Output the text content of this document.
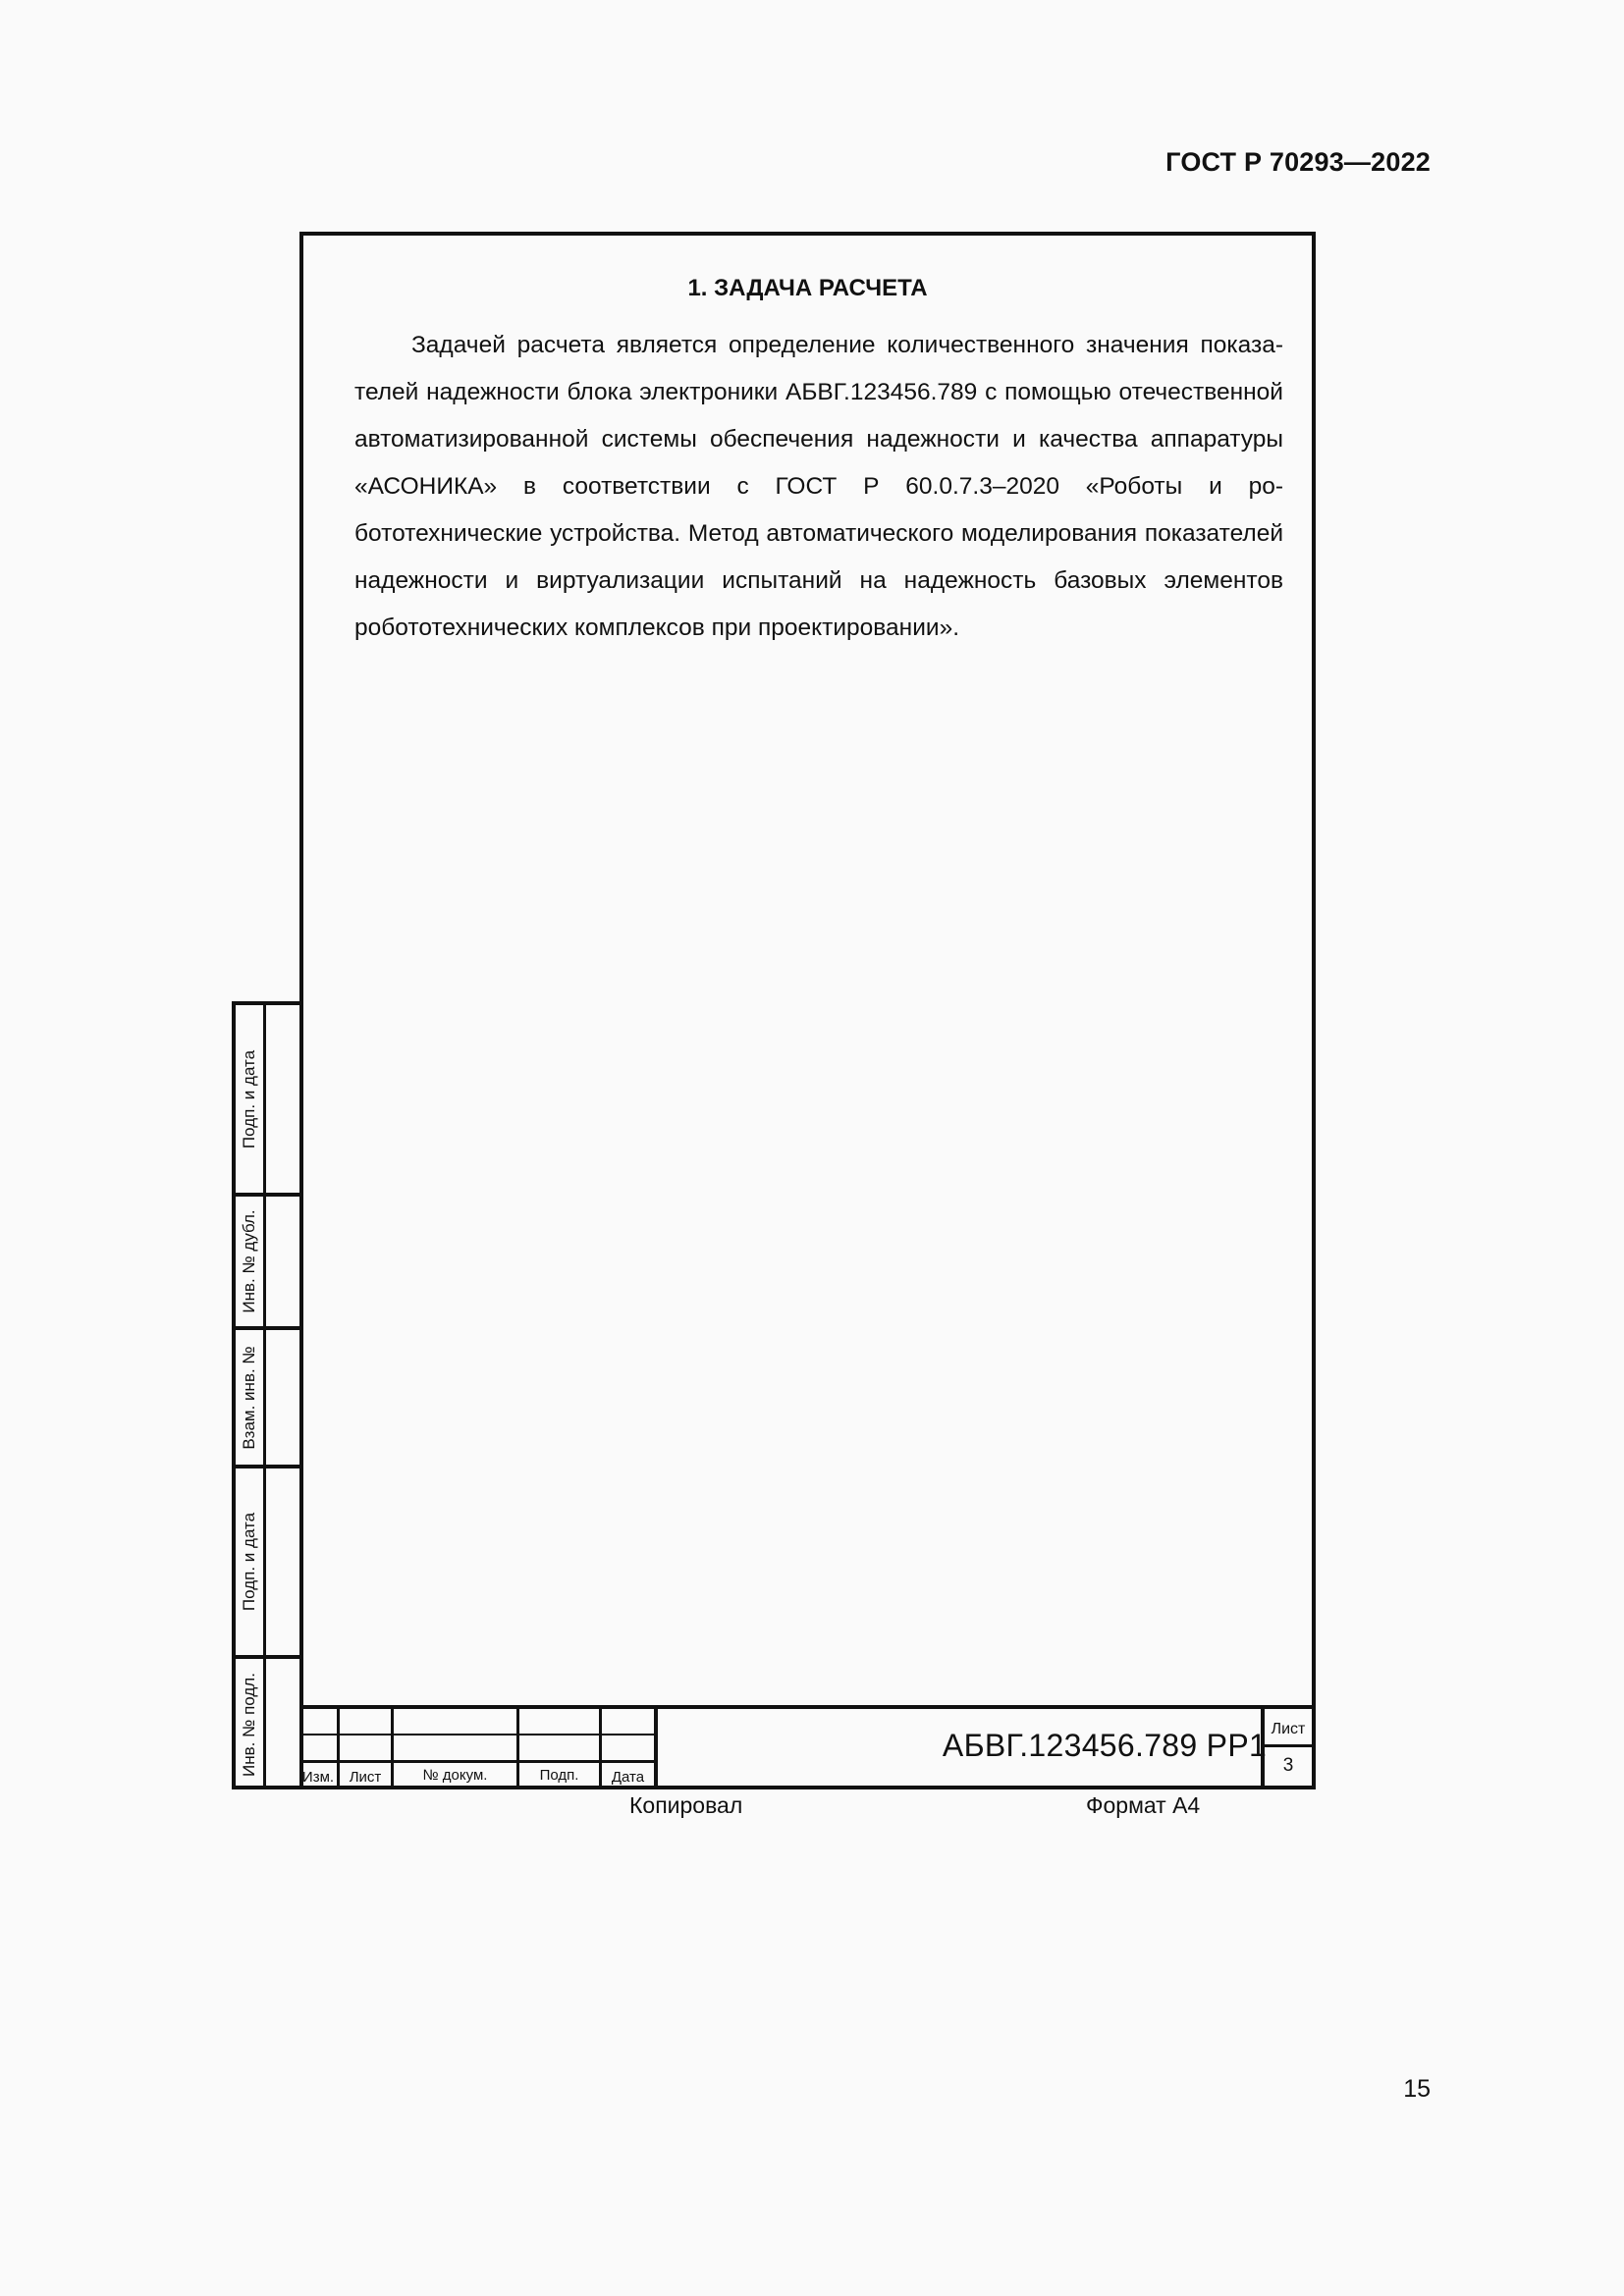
ГОСТ Р 70293—2022
1. ЗАДАЧА РАСЧЕТА

Задачей расчета является определение количественного значения показателей надежности блока электроники АБВГ.123456.789 с помощью отечественной автоматизированной системы обеспечения надежности и качества аппаратуры «АСОНИКА» в соответствии с ГОСТ Р 60.0.7.3–2020 «Роботы и робототехнические устройства. Метод автоматического моделирования показателей надежности и виртуализации испытаний на надежность базовых элементов робототехнических комплексов при проектировании».

Подп. и дата
Инв. № дубл.
Взам. инв. №
Подп. и дата
Инв. № подл.
Изм.	Лист	№ докум.	Подп.	Дата
АБВГ.123456.789 РР1 Лист
3
Копировал	Формат А4
15
